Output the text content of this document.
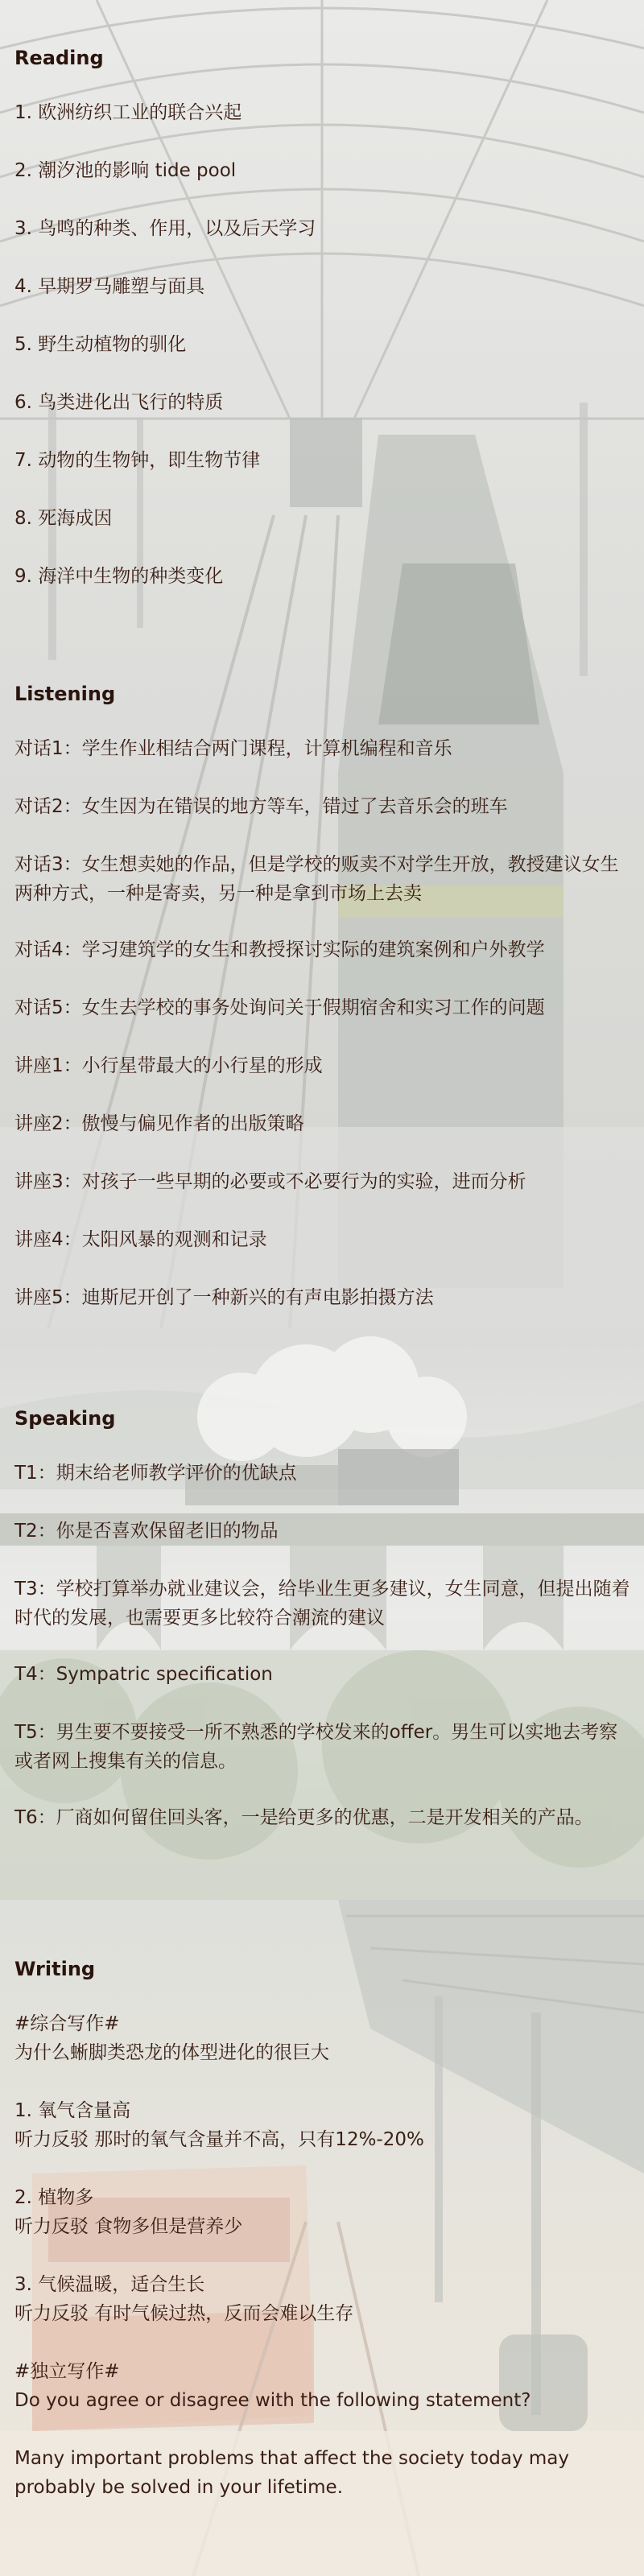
Reading
1. 欧洲纺织工业的联合兴起
2. 潮汐池的影响 tide pool
3. 鸟鸣的种类、作用，以及后天学习
4. 早期罗马雕塑与面具
5. 野生动植物的驯化
6. 鸟类进化出飞行的特质
7. 动物的生物钟，即生物节律
8. 死海成因
9. 海洋中生物的种类变化
Listening
对话1：学生作业相结合两门课程，计算机编程和音乐
对话2：女生因为在错误的地方等车，错过了去音乐会的班车
对话3：女生想卖她的作品，但是学校的贩卖不对学生开放，教授建议女生两种方式，一种是寄卖，另一种是拿到市场上去卖
对话4：学习建筑学的女生和教授探讨实际的建筑案例和户外教学
对话5：女生去学校的事务处询问关于假期宿舍和实习工作的问题
讲座1：小行星带最大的小行星的形成
讲座2：傲慢与偏见作者的出版策略
讲座3：对孩子一些早期的必要或不必要行为的实验，进而分析
讲座4：太阳风暴的观测和记录
讲座5：迪斯尼开创了一种新兴的有声电影拍摄方法
Speaking
T1：期末给老师教学评价的优缺点
T2：你是否喜欢保留老旧的物品
T3：学校打算举办就业建议会，给毕业生更多建议，女生同意，但提出随着时代的发展，也需要更多比较符合潮流的建议
T4：Sympatric specification
T5：男生要不要接受一所不熟悉的学校发来的offer。男生可以实地去考察或者网上搜集有关的信息。
T6：厂商如何留住回头客，一是给更多的优惠，二是开发相关的产品。
Writing
#综合写作#
为什么蜥脚类恐龙的体型进化的很巨大
1. 氧气含量高
听力反驳 那时的氧气含量并不高，只有12%-20%
2. 植物多
听力反驳 食物多但是营养少
3. 气候温暖，适合生长
听力反驳 有时气候过热，反而会难以生存
#独立写作#
Do you agree or disagree with the following statement?
Many important problems that affect the society today may probably be solved in your lifetime.
